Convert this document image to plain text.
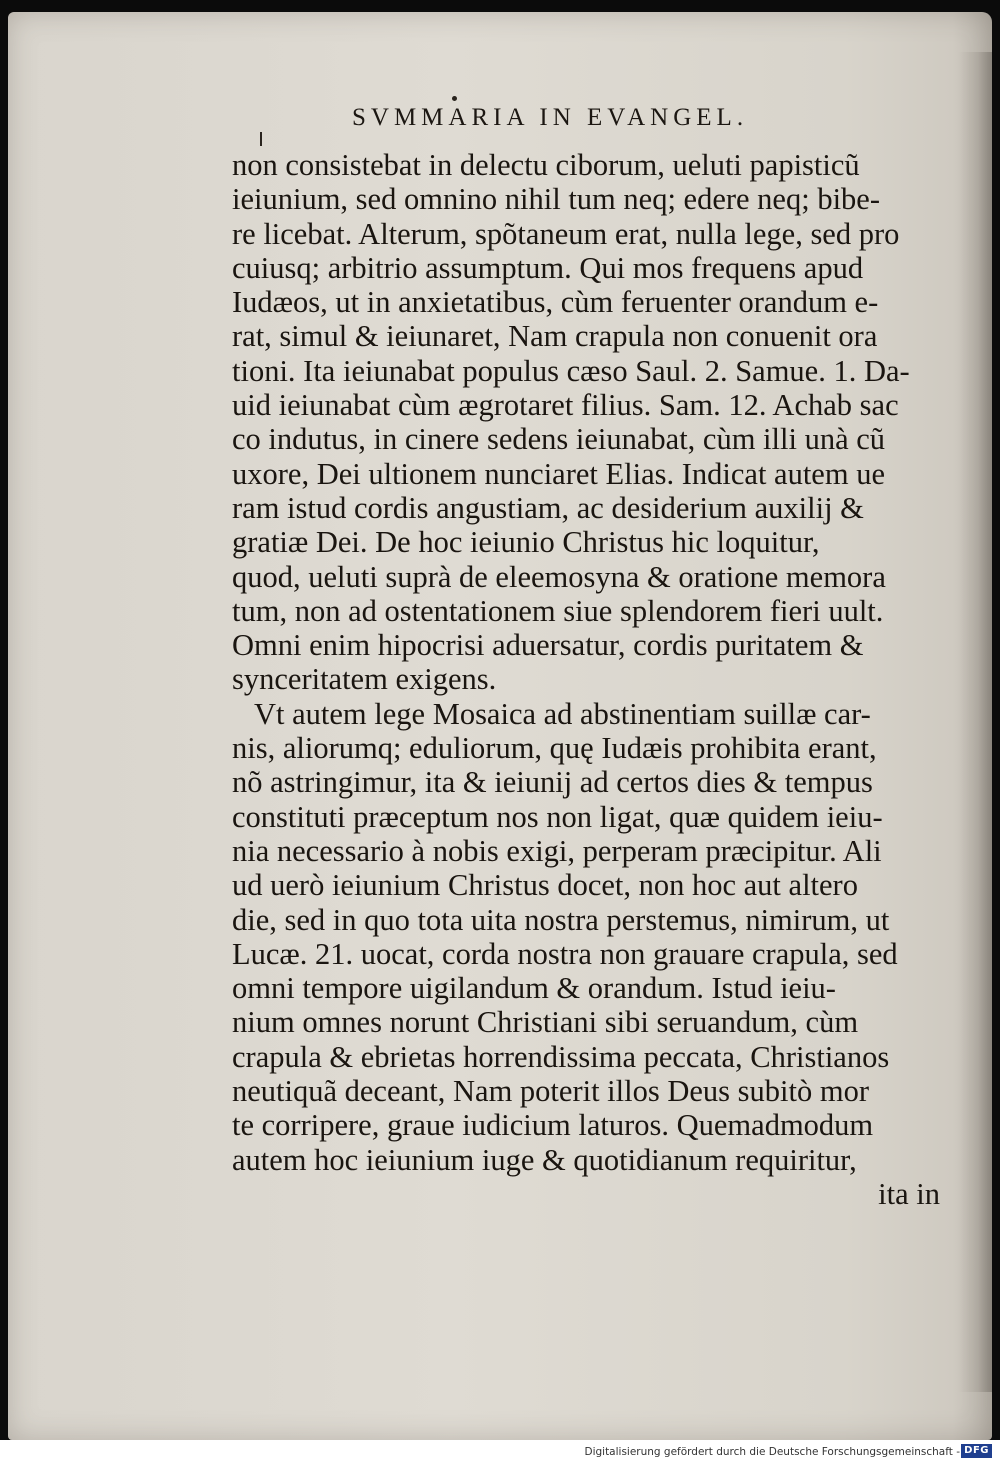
SVMMARIA IN EVANGEL.
non consistebat in delectu ciborum, ueluti papisticũ
ieiunium, sed omnino nihil tum neq; edere neq; bibe-
re licebat. Alterum, spõtaneum erat, nulla lege, sed pro
cuiusq; arbitrio assumptum. Qui mos frequens apud
Iudæos, ut in anxietatibus, cùm feruenter orandum e-
rat, simul & ieiunaret, Nam crapula non conuenit ora
tioni. Ita ieiunabat populus cæso Saul. 2. Samue. 1. Da-
uid ieiunabat cùm ægrotaret filius. Sam. 12. Achab sac
co indutus, in cinere sedens ieiunabat, cùm illi unà cũ
uxore, Dei ultionem nunciaret Elias. Indicat autem ue
ram istud cordis angustiam, ac desiderium auxilij &
gratiæ Dei. De hoc ieiunio Christus hic loquitur,
quod, ueluti suprà de eleemosyna & oratione memora
tum, non ad ostentationem siue splendorem fieri uult.
Omni enim hipocrisi aduersatur, cordis puritatem &
synceritatem exigens.
Vt autem lege Mosaica ad abstinentiam suillæ car-
nis, aliorumq; eduliorum, quę Iudæis prohibita erant,
nõ astringimur, ita & ieiunij ad certos dies & tempus
constituti præceptum nos non ligat, quæ quidem ieiu-
nia necessario à nobis exigi, perperam præcipitur. Ali
ud uerò ieiunium Christus docet, non hoc aut altero
die, sed in quo tota uita nostra perstemus, nimirum, ut
Lucæ. 21. uocat, corda nostra non grauare crapula, sed
omni tempore uigilandum & orandum. Istud ieiu-
nium omnes norunt Christiani sibi seruandum, cùm
crapula & ebrietas horrendissima peccata, Christianos
neutiquã deceant, Nam poterit illos Deus subitò mor
te corripere, graue iudicium laturos. Quemadmodum
autem hoc ieiunium iuge & quotidianum requiritur,
ita in
Digitalisierung gefördert durch die Deutsche Forschungsgemeinschaft - DFG
